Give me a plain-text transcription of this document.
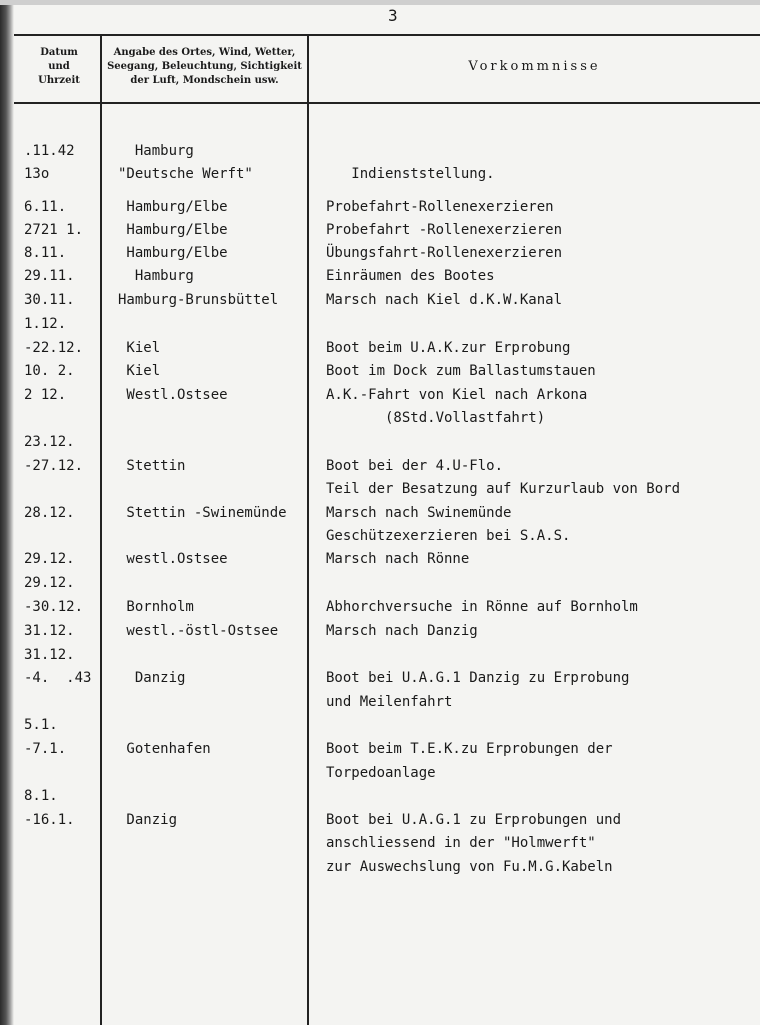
3
Datum
und
Uhrzeit
Angabe des Ortes, Wind, Wetter,
Seegang, Beleuchtung, Sichtigkeit
der Luft, Mondschein usw.
Vorkommnisse
.11.42	Hamburg
13o	"Deutsche Werft"	Indienststellung.
6.11.	Hamburg/Elbe	Probefahrt-Rollenexerzieren
2721 1. Hamburg/Elbe	Probefahrt -Rollenexerzieren
8.11.	Hamburg/Elbe	Übungsfahrt-Rollenexerzieren
29.11.	Hamburg	Einräumen des Bootes
30.11.	Hamburg-Brunsbüttel	Marsch nach Kiel d.K.W.Kanal
1.12.
-22.12. Kiel	Boot beim U.A.K.zur Erprobung
10. 2.	Kiel	Boot im Dock zum Ballastumstauen
2 12.	Westl.Ostsee	A.K.-Fahrt von Kiel nach Arkona
(8Std.Vollastfahrt)
23.12.
-27.12. Stettin	Boot bei der 4.U-Flo.
Teil der Besatzung auf Kurzurlaub von Bord
28.12.	Stettin -Swinemünde	Marsch nach Swinemünde
Geschützexerzieren bei S.A.S.
29.12.	westl.Ostsee	Marsch nach Rönne
29.12.
-30.12. Bornholm	Abhorchversuche in Rönne auf Bornholm
31.12.	westl.-östl-Ostsee	Marsch nach Danzig
31.12.
-4.  .43 Danzig	Boot bei U.A.G.1 Danzig zu Erprobung
und Meilenfahrt
5.1.
-7.1.	Gotenhafen	Boot beim T.E.K.zu Erprobungen der
Torpedoanlage
8.1.
-16.1.	Danzig	Boot bei U.A.G.1 zu Erprobungen und
anschliessend in der "Holmwerft"
zur Auswechslung von Fu.M.G.Kabeln
